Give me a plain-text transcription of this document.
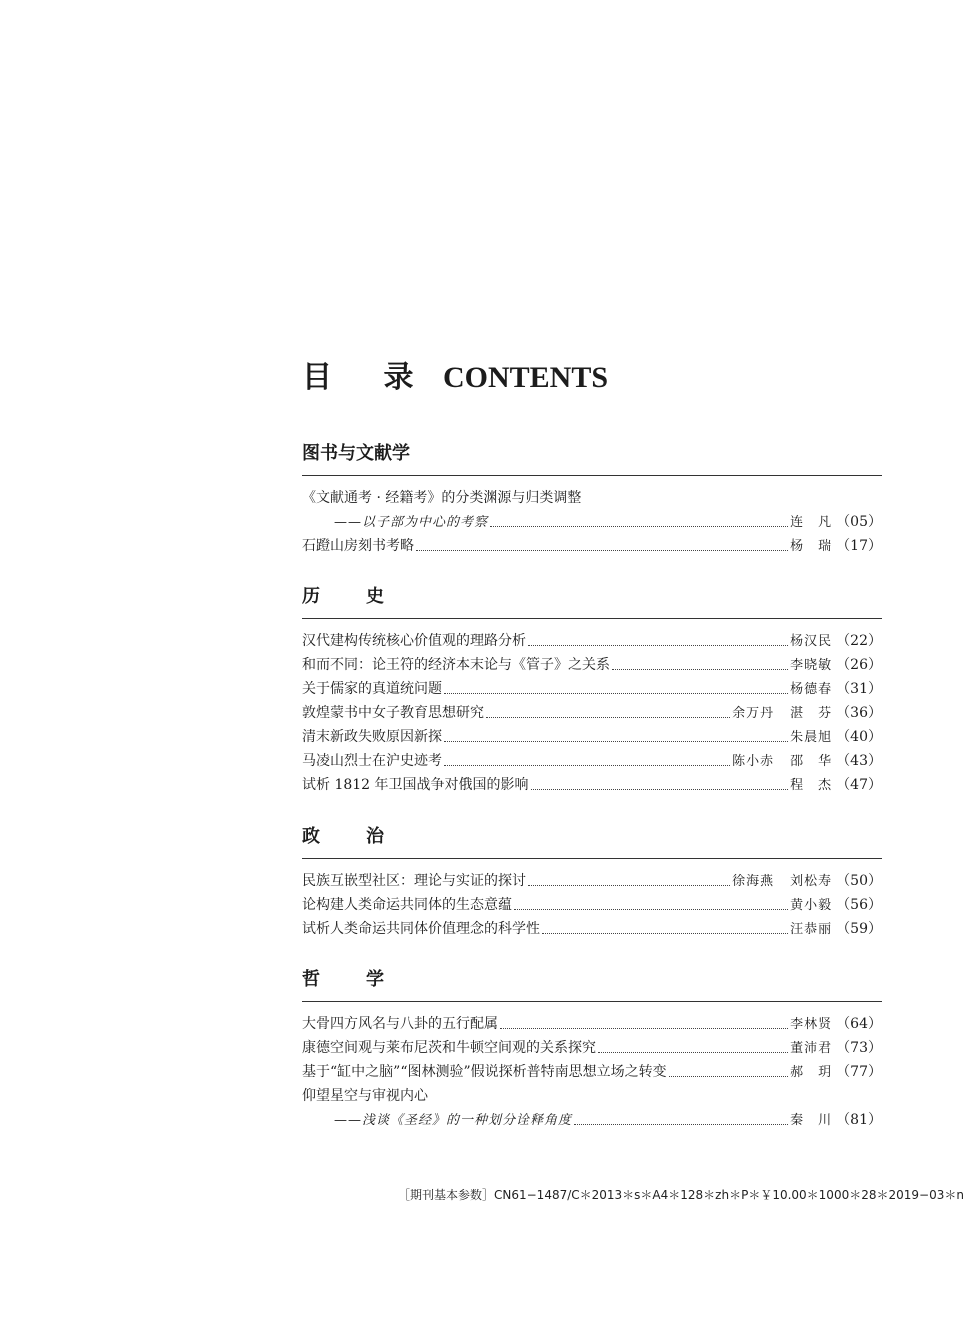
目 录 CONTENTS
图书与文献学
《文献通考 · 经籍考》的分类渊源与归类调整
——以子部为中心的考察	连　凡 （05）
石蹬山房刻书考略	杨　瑞 （17）
历　史
汉代建构传统核心价值观的理路分析	杨汉民 （22）
和而不同：论王符的经济本末论与《管子》之关系	李晓敏 （26）
关于儒家的真道统问题	杨德春 （31）
敦煌蒙书中女子教育思想研究	余万丹 湛　芬 （36）
清末新政失败原因新探	朱晨旭 （40）
马凌山烈士在沪史迹考	陈小赤 邵　华 （43）
试析 1812 年卫国战争对俄国的影响	程　杰 （47）
政　治
民族互嵌型社区：理论与实证的探讨	徐海燕 刘松寿 （50）
论构建人类命运共同体的生态意蕴	黄小毅 （56）
试析人类命运共同体价值理念的科学性	汪恭丽 （59）
哲　学
大骨四方风名与八卦的五行配属	李林贤 （64）
康德空间观与莱布尼茨和牛顿空间观的关系探究	董沛君 （73）
基于“缸中之脑”“图林测验”假说探析普特南思想立场之转变	郝　玥 （77）
仰望星空与审视内心
——浅谈《圣经》的一种划分诠释角度	秦　川 （81）
［期刊基本参数］CN61−1487/C＊2013＊s＊A4＊128＊zh＊P＊￥10.00＊1000＊28＊2019−03＊n
